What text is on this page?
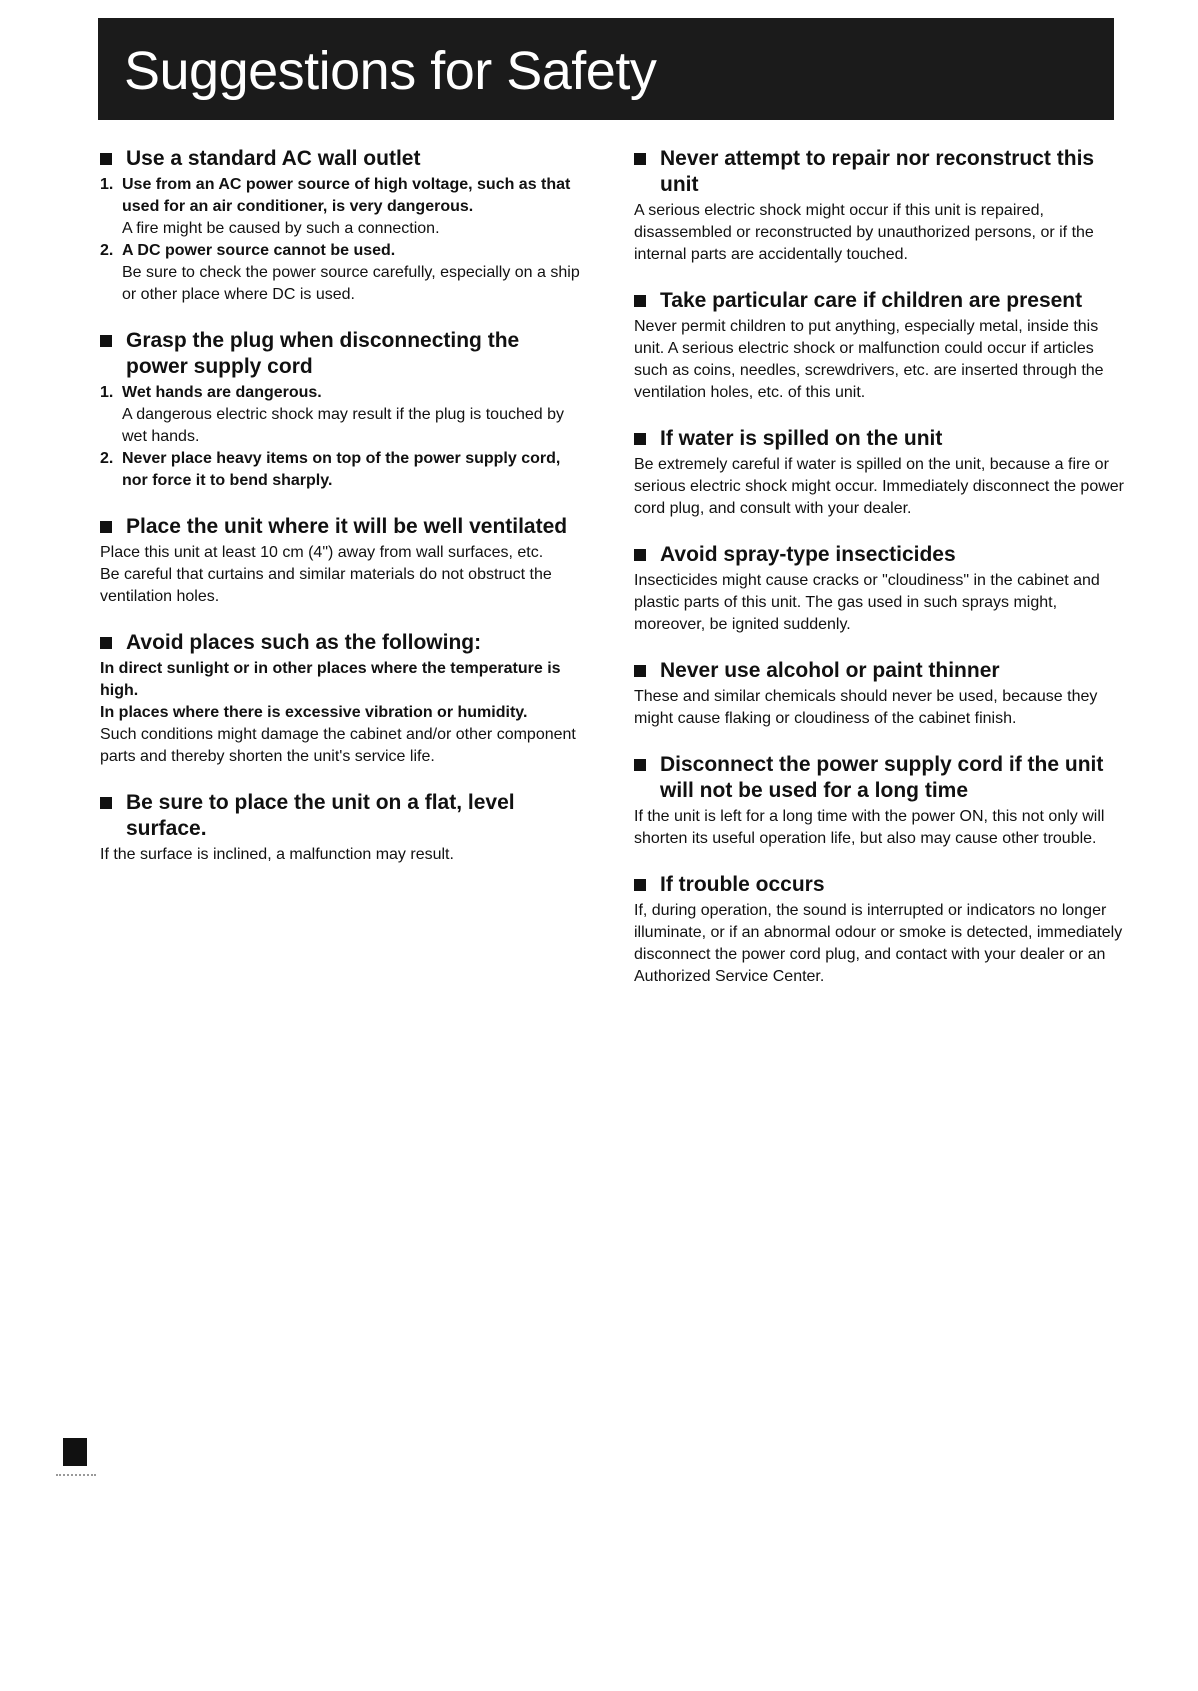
Suggestions for Safety
Use a standard AC wall outlet
1. Use from an AC power source of high voltage, such as that used for an air conditioner, is very dangerous.
A fire might be caused by such a connection.
2. A DC power source cannot be used.
Be sure to check the power source carefully, especially on a ship or other place where DC is used.
Grasp the plug when disconnecting the power supply cord
1. Wet hands are dangerous.
A dangerous electric shock may result if the plug is touched by wet hands.
2. Never place heavy items on top of the power supply cord, nor force it to bend sharply.
Place the unit where it will be well ventilated
Place this unit at least 10 cm (4") away from wall surfaces, etc.
Be careful that curtains and similar materials do not obstruct the ventilation holes.
Avoid places such as the following:
In direct sunlight or in other places where the temperature is high.
In places where there is excessive vibration or humidity.
Such conditions might damage the cabinet and/or other component parts and thereby shorten the unit's service life.
Be sure to place the unit on a flat, level surface.
If the surface is inclined, a malfunction may result.
Never attempt to repair nor reconstruct this unit
A serious electric shock might occur if this unit is repaired, disassembled or reconstructed by unauthorized persons, or if the internal parts are accidentally touched.
Take particular care if children are present
Never permit children to put anything, especially metal, inside this unit. A serious electric shock or malfunction could occur if articles such as coins, needles, screwdrivers, etc. are inserted through the ventilation holes, etc. of this unit.
If water is spilled on the unit
Be extremely careful if water is spilled on the unit, because a fire or serious electric shock might occur. Immediately disconnect the power cord plug, and consult with your dealer.
Avoid spray-type insecticides
Insecticides might cause cracks or "cloudiness" in the cabinet and plastic parts of this unit. The gas used in such sprays might, moreover, be ignited suddenly.
Never use alcohol or paint thinner
These and similar chemicals should never be used, because they might cause flaking or cloudiness of the cabinet finish.
Disconnect the power supply cord if the unit will not be used for a long time
If the unit is left for a long time with the power ON, this not only will shorten its useful operation life, but also may cause other trouble.
If trouble occurs
If, during operation, the sound is interrupted or indicators no longer illuminate, or if an abnormal odour or smoke is detected, immediately disconnect the power cord plug, and contact with your dealer or an Authorized Service Center.
